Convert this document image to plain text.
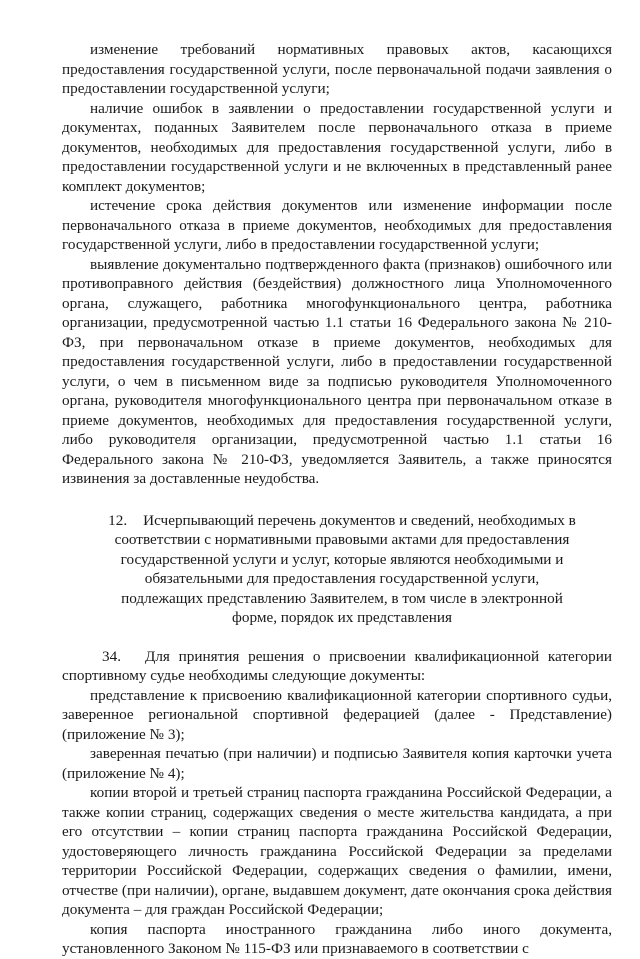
изменение требований нормативных правовых актов, касающихся предоставления государственной услуги, после первоначальной подачи заявления о предоставлении государственной услуги;

наличие ошибок в заявлении о предоставлении государственной услуги и документах, поданных Заявителем после первоначального отказа в приеме документов, необходимых для предоставления государственной услуги, либо в предоставлении государственной услуги и не включенных в представленный ранее комплект документов;

истечение срока действия документов или изменение информации после первоначального отказа в приеме документов, необходимых для предоставления государственной услуги, либо в предоставлении государственной услуги;

выявление документально подтвержденного факта (признаков) ошибочного или противоправного действия (бездействия) должностного лица Уполномоченного органа, служащего, работника многофункционального центра, работника организации, предусмотренной частью 1.1 статьи 16 Федерального закона № 210-ФЗ, при первоначальном отказе в приеме документов, необходимых для предоставления государственной услуги, либо в предоставлении государственной услуги, о чем в письменном виде за подписью руководителя Уполномоченного органа, руководителя многофункционального центра при первоначальном отказе в приеме документов, необходимых для предоставления государственной услуги, либо руководителя организации, предусмотренной частью 1.1 статьи 16 Федерального закона № 210-ФЗ, уведомляется Заявитель, а также приносятся извинения за доставленные неудобства.

12. Исчерпывающий перечень документов и сведений, необходимых в соответствии с нормативными правовыми актами для предоставления государственной услуги и услуг, которые являются необходимыми и обязательными для предоставления государственной услуги, подлежащих представлению Заявителем, в том числе в электронной форме, порядок их представления

34. Для принятия решения о присвоении квалификационной категории спортивному судье необходимы следующие документы:

представление к присвоению квалификационной категории спортивного судьи, заверенное региональной спортивной федерацией (далее - Представление) (приложение № 3);

заверенная печатью (при наличии) и подписью Заявителя копия карточки учета (приложение № 4);

копии второй и третьей страниц паспорта гражданина Российской Федерации, а также копии страниц, содержащих сведения о месте жительства кандидата, а при его отсутствии – копии страниц паспорта гражданина Российской Федерации, удостоверяющего личность гражданина Российской Федерации за пределами территории Российской Федерации, содержащих сведения о фамилии, имени, отчестве (при наличии), органе, выдавшем документ, дате окончания срока действия документа – для граждан Российской Федерации;

копия паспорта иностранного гражданина либо иного документа, установленного Законом № 115-ФЗ или признаваемого в соответствии с
